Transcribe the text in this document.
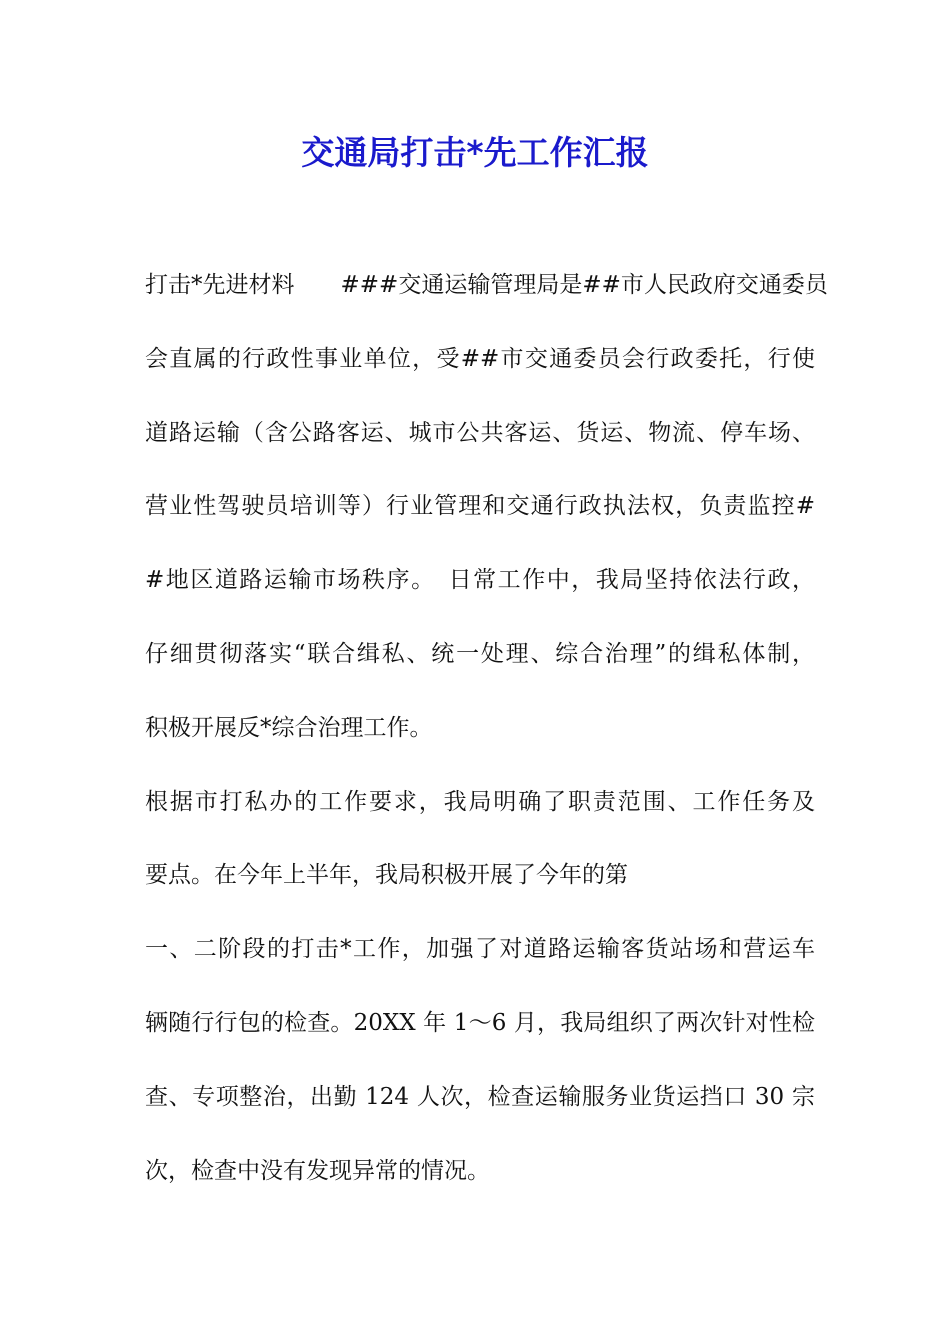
交通局打击*先工作汇报
打击*先进材料　　###交通运输管理局是##市人民政府交通委员
会直属的行政性事业单位，受##市交通委员会行政委托，行使
道路运输（含公路客运、城市公共客运、货运、物流、停车场、
营业性驾驶员培训等）行业管理和交通行政执法权，负责监控#
#地区道路运输市场秩序。　日常工作中，我局坚持依法行政，
仔细贯彻落实“联合缉私、统一处理、综合治理”的缉私体制，
积极开展反*综合治理工作。
根据市打私办的工作要求，我局明确了职责范围、工作任务及
要点。在今年上半年，我局积极开展了今年的第
一、二阶段的打击*工作，加强了对道路运输客货站场和营运车
辆随行行包的检查。20XX 年 1～6 月，我局组织了两次针对性检
查、专项整治，出勤 124 人次，检查运输服务业货运挡口 30 宗
次，检查中没有发现异常的情况。
